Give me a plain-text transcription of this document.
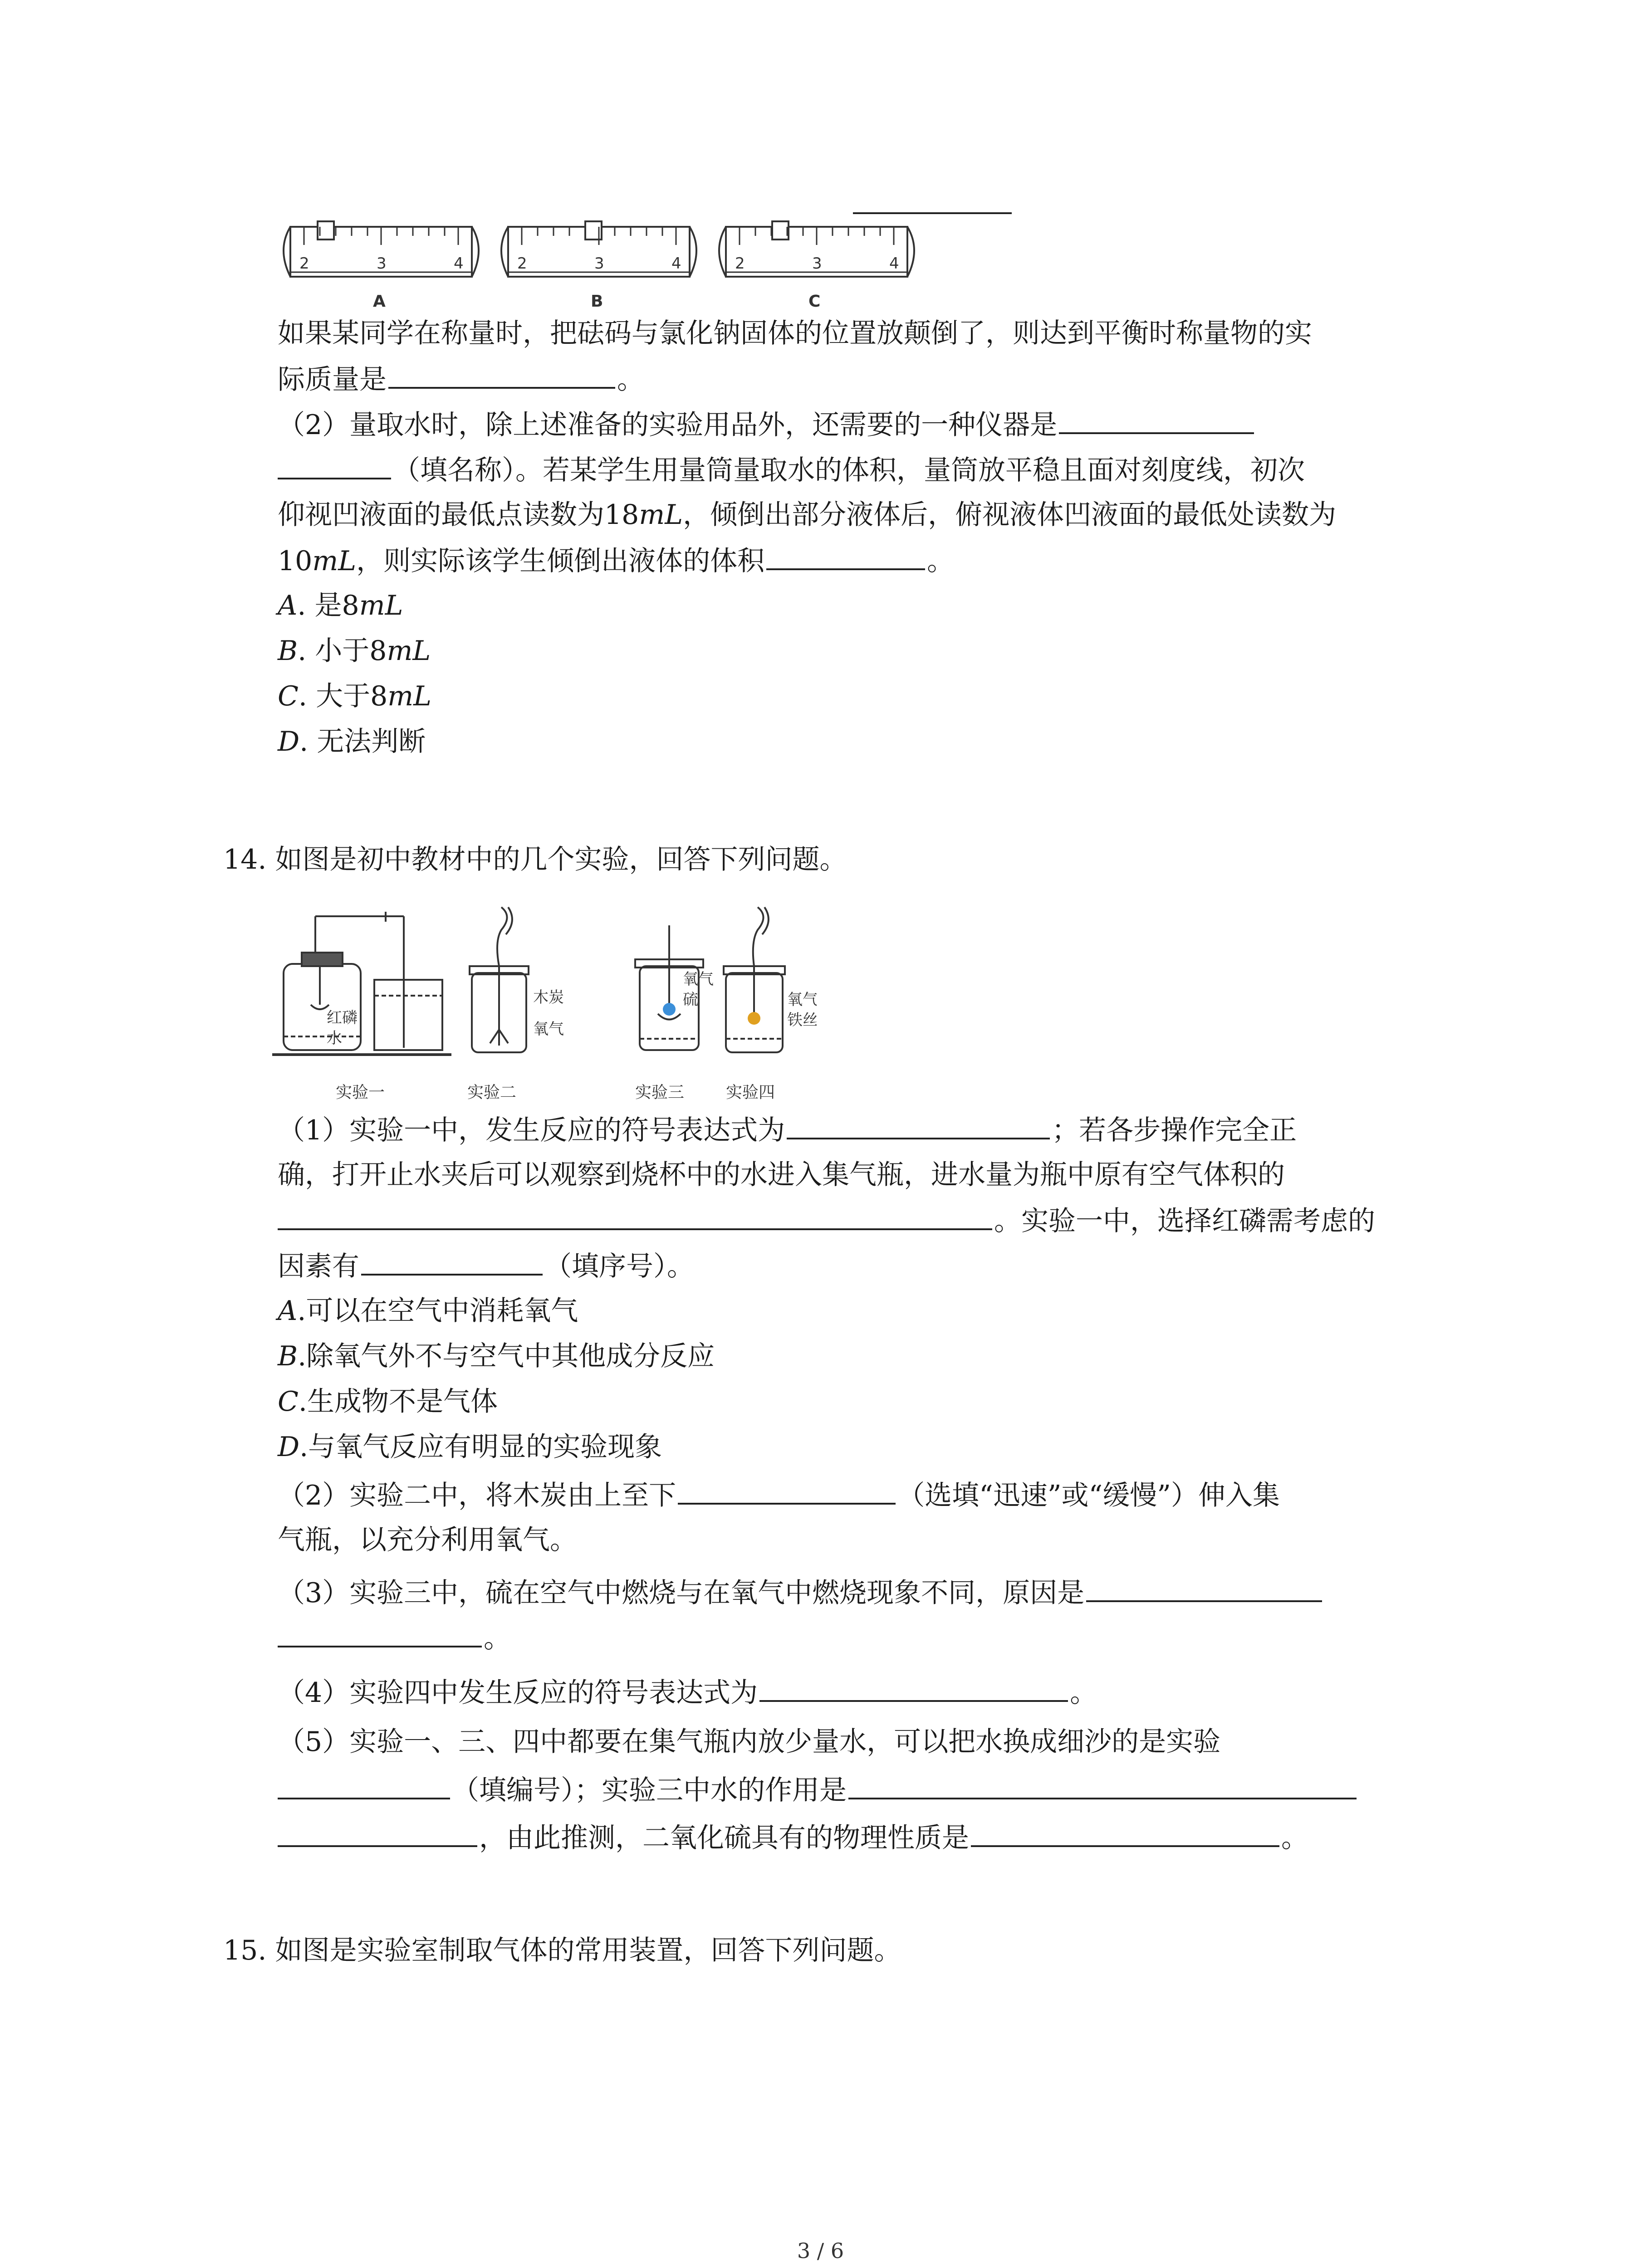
2	3	4
A
2	3	4
B
2	3	4
C
如果某同学在称量时，把砝码与氯化钠固体的位置放颠倒了，则达到平衡时称量物的实
际质量是	。
（2）量取水时，除上述准备的实验用品外，还需要的一种仪器是
（填名称）。若某学生用量筒量取水的体积，量筒放平稳且面对刻度线，初次
仰视凹液面的最低点读数为18mL，倾倒出部分液体后，俯视液体凹液面的最低处读数为
10mL，则实际该学生倾倒出液体的体积	。
A. 是8mL
B. 小于8mL
C. 大于8mL
D. 无法判断
14. 如图是初中教材中的几个实验，回答下列问题。
红磷
水
木炭
氧气
氧气
硫	氧气
铁丝
实验一	实验二	实验三	实验四
（1）实验一中，发生反应的符号表达式为	；若各步操作完全正
确，打开止水夹后可以观察到烧杯中的水进入集气瓶，进水量为瓶中原有空气体积的
。实验一中，选择红磷需考虑的
因素有	（填序号）。
A.可以在空气中消耗氧气
B.除氧气外不与空气中其他成分反应
C.生成物不是气体
D.与氧气反应有明显的实验现象
（2）实验二中，将木炭由上至下	（选填“迅速”或“缓慢”）伸入集
气瓶，以充分利用氧气。
（3）实验三中，硫在空气中燃烧与在氧气中燃烧现象不同，原因是
。
（4）实验四中发生反应的符号表达式为	。
（5）实验一、三、四中都要在集气瓶内放少量水，可以把水换成细沙的是实验
（填编号）；实验三中水的作用是
，由此推测，二氧化硫具有的物理性质是	。
15. 如图是实验室制取气体的常用装置，回答下列问题。
3 / 6
